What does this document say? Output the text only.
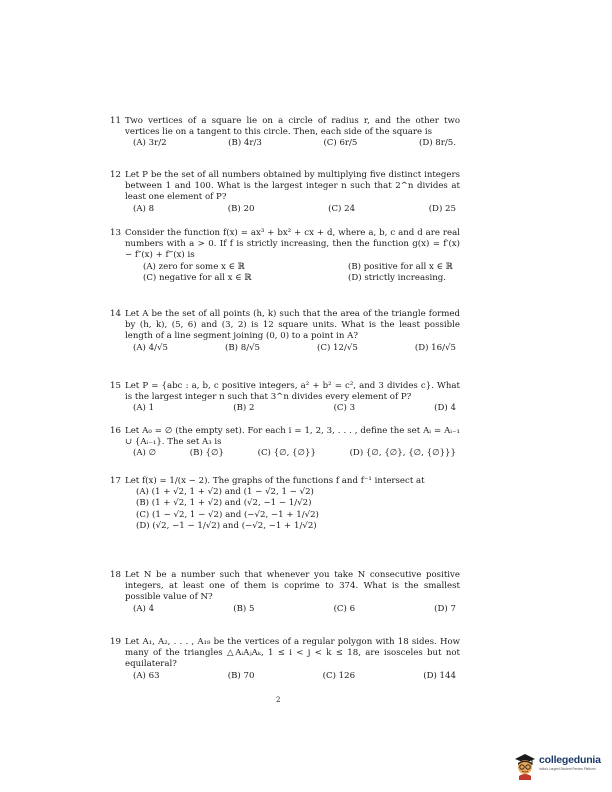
11 Two vertices of a square lie on a circle of radius r, and the other two vertices lie on a tangent to this circle. Then, each side of the square is
(A) 3r/2	(B) 4r/3	(C) 6r/5	(D) 8r/5.
12 Let P be the set of all numbers obtained by multiplying five distinct integers between 1 and 100. What is the largest integer n such that 2^n divides at least one element of P?
(A) 8	(B) 20	(C) 24	(D) 25
13 Consider the function f(x) = ax³ + bx² + cx + d, where a, b, c and d are real numbers with a > 0. If f is strictly increasing, then the function g(x) = f′(x) − f″(x) + f‴(x) is
(A) zero for some x ∈ ℝ	(B) positive for all x ∈ ℝ
(C) negative for all x ∈ ℝ	(D) strictly increasing.
14 Let A be the set of all points (h, k) such that the area of the triangle formed by (h, k), (5, 6) and (3, 2) is 12 square units. What is the least possible length of a line segment joining (0, 0) to a point in A?
(A) 4/√5	(B) 8/√5	(C) 12/√5	(D) 16/√5
15 Let P = {abc : a, b, c positive integers, a² + b² = c², and 3 divides c}. What is the largest integer n such that 3^n divides every element of P?
(A) 1	(B) 2	(C) 3	(D) 4
16 Let A₀ = ∅ (the empty set). For each i = 1, 2, 3, . . . , define the set Aᵢ = Aᵢ₋₁ ∪ {Aᵢ₋₁}. The set A₃ is
(A) ∅	(B) {∅}	(C) {∅, {∅}}	(D) {∅, {∅}, {∅, {∅}}}
17 Let f(x) = 1/(x − 2). The graphs of the functions f and f⁻¹ intersect at
(A) (1 + √2, 1 + √2) and (1 − √2, 1 − √2)
(B) (1 + √2, 1 + √2) and (√2, −1 − 1/√2)
(C) (1 − √2, 1 − √2) and (−√2, −1 + 1/√2)
(D) (√2, −1 − 1/√2) and (−√2, −1 + 1/√2)
18 Let N be a number such that whenever you take N consecutive positive integers, at least one of them is coprime to 374. What is the smallest possible value of N?
(A) 4	(B) 5	(C) 6	(D) 7
19 Let A₁, A₂, . . . , A₁₈ be the vertices of a regular polygon with 18 sides. How many of the triangles △AᵢAⱼAₖ, 1 ≤ i < j < k ≤ 18, are isosceles but not equilateral?
(A) 63	(B) 70	(C) 126	(D) 144
2
collegedunia
India's Largest Student Review Platform
